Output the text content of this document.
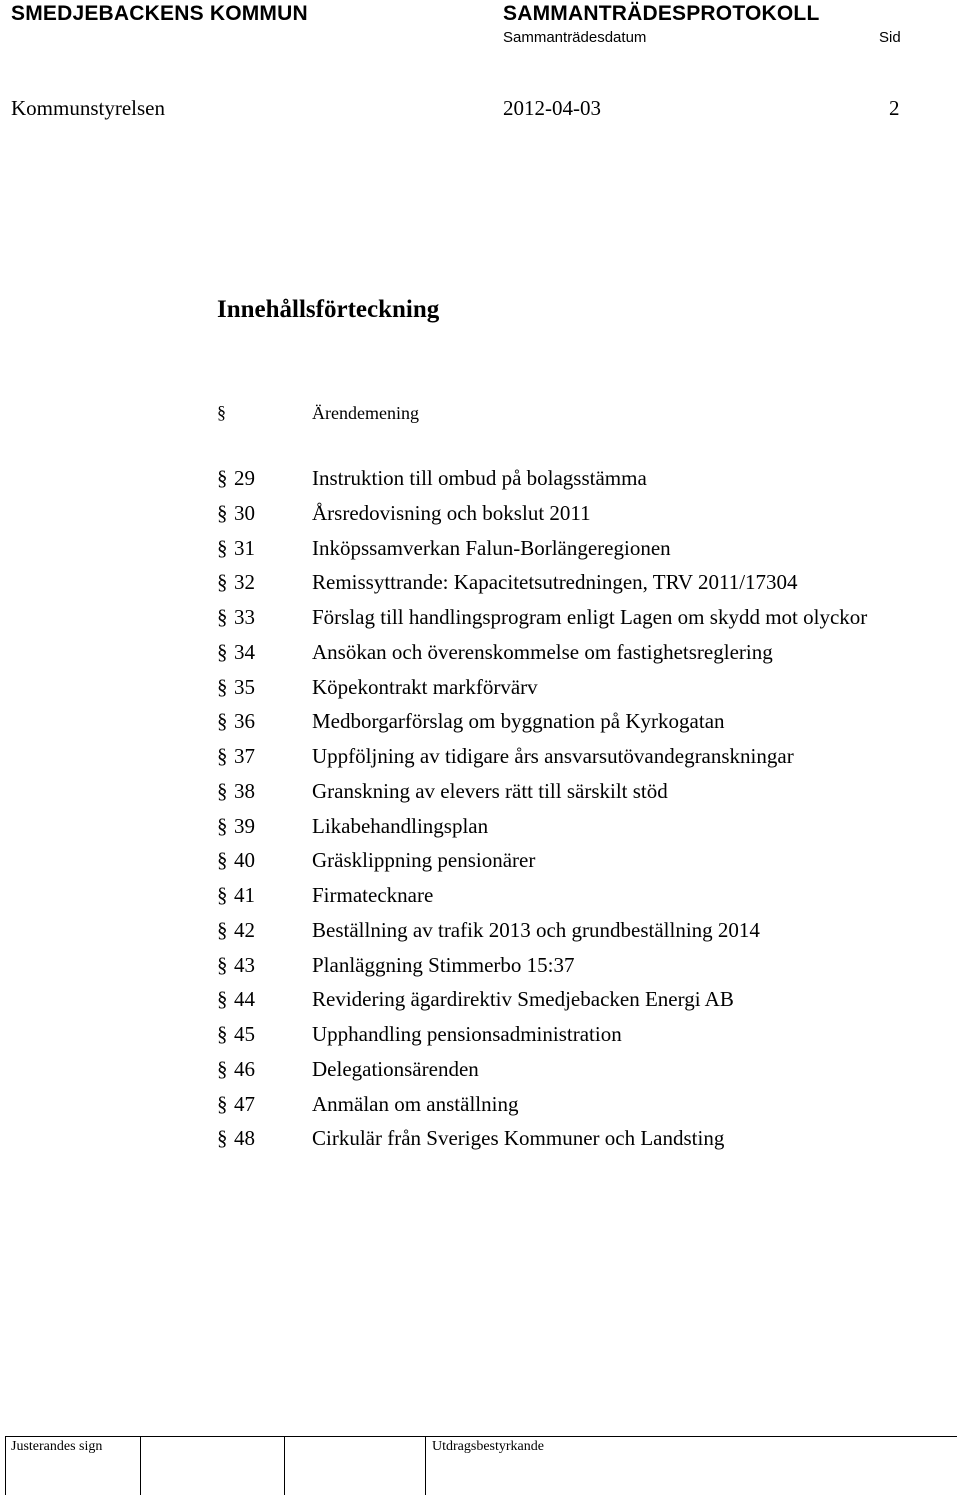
SMEDJEBACKENS KOMMUN	SAMMANTRÄDESPROTOKOLL
Sammanträdesdatum	Sid
Kommunstyrelsen	2012-04-03	2
Innehållsförteckning
§	Ärendemening
§ 29	Instruktion till ombud på bolagsstämma
§ 30	Årsredovisning och bokslut 2011
§ 31	Inköpssamverkan Falun-Borlängeregionen
§ 32	Remissyttrande: Kapacitetsutredningen, TRV 2011/17304
§ 33	Förslag till handlingsprogram enligt Lagen om skydd mot olyckor
§ 34	Ansökan och överenskommelse om fastighetsreglering
§ 35	Köpekontrakt markförvärv
§ 36	Medborgarförslag om byggnation på Kyrkogatan
§ 37	Uppföljning av tidigare års ansvarsutövandegranskningar
§ 38	Granskning av elevers rätt till särskilt stöd
§ 39	Likabehandlingsplan
§ 40	Gräsklippning pensionärer
§ 41	Firmatecknare
§ 42	Beställning av trafik 2013 och grundbeställning 2014
§ 43	Planläggning Stimmerbo 15:37
§ 44	Revidering ägardirektiv Smedjebacken Energi AB
§ 45	Upphandling pensionsadministration
§ 46	Delegationsärenden
§ 47	Anmälan om anställning
§ 48	Cirkulär från Sveriges Kommuner och Landsting
Justerandes sign	Utdragsbestyrkande
